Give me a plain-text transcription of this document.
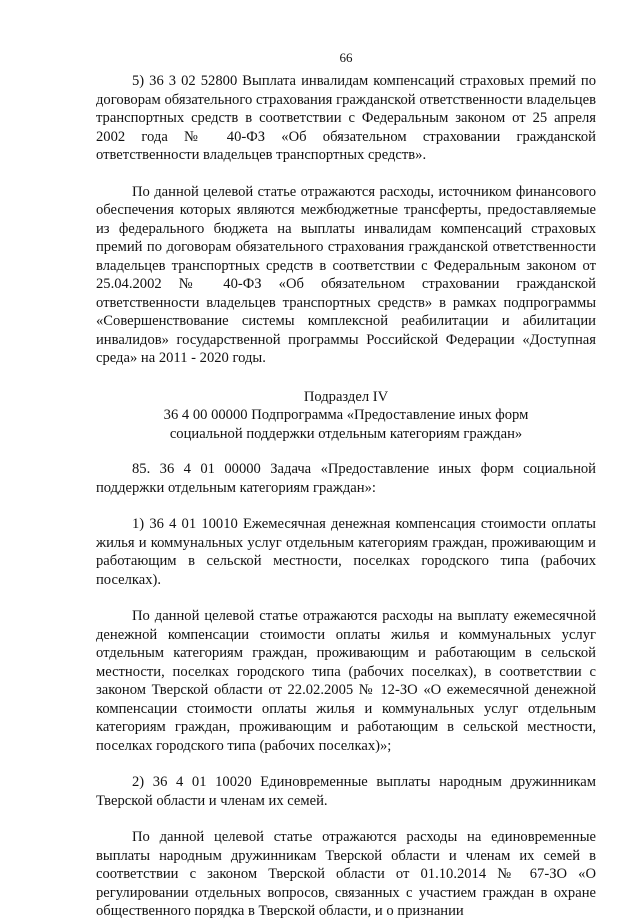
66

5) 36 3 02 52800 Выплата инвалидам компенсаций страховых премий по договорам обязательного страхования гражданской ответственности владельцев транспортных средств в соответствии с Федеральным законом от 25 апреля 2002 года № 40-ФЗ «Об обязательном страховании гражданской ответственности владельцев транспортных средств».

По данной целевой статье отражаются расходы, источником финансового обеспечения которых являются межбюджетные трансферты, предоставляемые из федерального бюджета на выплаты инвалидам компенсаций страховых премий по договорам обязательного страхования гражданской ответственности владельцев транспортных средств в соответствии с Федеральным законом от 25.04.2002 № 40-ФЗ «Об обязательном страховании гражданской ответственности владельцев транспортных средств» в рамках подпрограммы «Совершенствование системы комплексной реабилитации и абилитации инвалидов» государственной программы Российской Федерации «Доступная среда» на 2011 - 2020 годы.

Подраздел IV
36 4 00 00000 Подпрограмма «Предоставление иных форм
социальной поддержки отдельным категориям граждан»

85. 36 4 01 00000 Задача «Предоставление иных форм социальной поддержки отдельным категориям граждан»:

1) 36 4 01 10010 Ежемесячная денежная компенсация стоимости оплаты жилья и коммунальных услуг отдельным категориям граждан, проживающим и работающим в сельской местности, поселках городского типа (рабочих поселках).

По данной целевой статье отражаются расходы на выплату ежемесячной денежной компенсации стоимости оплаты жилья и коммунальных услуг отдельным категориям граждан, проживающим и работающим в сельской местности, поселках городского типа (рабочих поселках), в соответствии с законом Тверской области от 22.02.2005 № 12-ЗО «О ежемесячной денежной компенсации стоимости оплаты жилья и коммунальных услуг отдельным категориям граждан, проживающим и работающим в сельской местности, поселках городского типа (рабочих поселках)»;

2) 36 4 01 10020 Единовременные выплаты народным дружинникам Тверской области и членам их семей.

По данной целевой статье отражаются расходы на единовременные выплаты народным дружинникам Тверской области и членам их семей в соответствии с законом Тверской области от 01.10.2014 № 67-ЗО «О регулировании отдельных вопросов, связанных с участием граждан в охране общественного порядка в Тверской области, и о признании
